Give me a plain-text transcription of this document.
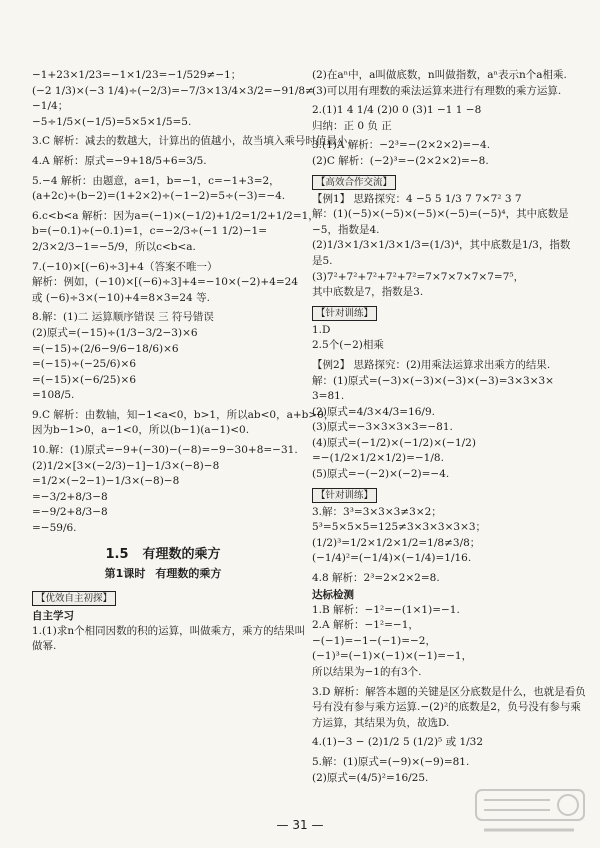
−1+23×1/23=−1×1/23=−1/529≠−1；
(−2 1/3)×(−3 1/4)÷(−2/3)=−7/3×13/4×3/2=−91/8≠
−1/4；
−5÷1/5×(−1/5)=5×5×1/5=5.
3.C 解析：减去的数越大，计算出的值越小，故当填入乘号时值最小.
4.A 解析：原式=−9+18/5+6=3/5.
5.−4 解析：由题意，a=1，b=−1，c=−1+3=2，
(a+2c)÷(b−2)=(1+2×2)÷(−1−2)=5÷(−3)=−4.
6.c<b<a 解析：因为a=(−1)×(−1/2)+1/2=1/2+1/2=1，
b=(−0.1)÷(−0.1)=1，c=−2/3÷(−1 1/2)−1=
2/3×2/3−1=−5/9，所以c<b<a.
7.(−10)×[(−6)÷3]+4（答案不唯一）
解析：例如，(−10)×[(−6)÷3]+4=−10×(−2)+4=24
或 (−6)÷3×(−10)+4=8×3=24 等.
8.解：(1)二 运算顺序错误 三 符号错误
(2)原式=(−15)÷(1/3−3/2−3)×6
=(−15)÷(2/6−9/6−18/6)×6
=(−15)÷(−25/6)×6
=(−15)×(−6/25)×6
=108/5.
9.C 解析：由数轴，知−1<a<0，b>1，所以ab<0，a+b>0，
因为b−1>0，a−1<0，所以(b−1)(a−1)<0.
10.解：(1)原式=−9+(−30)−(−8)=−9−30+8=−31.
(2)1/2×[3×(−2/3)−1]−1/3×(−8)−8
=1/2×(−2−1)−1/3×(−8)−8
=−3/2+8/3−8
=−9/2+8/3−8
=−59/6.
1.5 有理数的乘方
第1课时 有理数的乘方
【优效自主初探】
自主学习
1.(1)求n个相同因数的积的运算，叫做乘方，乘方的结果叫
做幂.
(2)在aⁿ中，a叫做底数，n叫做指数，aⁿ表示n个a相乘.
(3)可以用有理数的乘法运算来进行有理数的乘方运算.
2.(1)1 4 1/4 (2)0 0 (3)1 −1 1 −8
归纳：正 0 负 正
3.(1)A 解析：−2³=−(2×2×2)=−4.
(2)C 解析：(−2)³=−(2×2×2)=−8.
【高效合作交流】
【例1】 思路探究：4 −5 5 1/3 7 7×7² 3 7
解：(1)(−5)×(−5)×(−5)×(−5)=(−5)⁴，其中底数是
−5，指数是4.
(2)1/3×1/3×1/3×1/3=(1/3)⁴，其中底数是1/3，指数
是5.
(3)7²+7²+7²+7²+7²=7×7×7×7×7=7⁵，
其中底数是7，指数是3.
【针对训练】
1.D
2.5个(−2)相乘
【例2】 思路探究：(2)用乘法运算求出乘方的结果.
解：(1)原式=(−3)×(−3)×(−3)×(−3)=3×3×3×
3=81.
(2)原式=4/3×4/3=16/9.
(3)原式=−3×3×3×3=−81.
(4)原式=(−1/2)×(−1/2)×(−1/2)
=−(1/2×1/2×1/2)=−1/8.
(5)原式=−(−2)×(−2)=−4.
【针对训练】
3.解：3³=3×3×3≠3×2；
5³=5×5×5=125≠3×3×3×3×3；
(1/2)³=1/2×1/2×1/2=1/8≠3/8；
(−1/4)²=(−1/4)×(−1/4)=1/16.
4.8 解析：2³=2×2×2=8.
达标检测
1.B 解析：−1²=−(1×1)=−1.
2.A 解析：−1²=−1，
−(−1)=−1−(−1)=−2，
(−1)³=(−1)×(−1)×(−1)=−1，
所以结果为−1的有3个.
3.D 解析：解答本题的关键是区分底数是什么，也就是看负
号有没有参与乘方运算.−(2)²的底数是2，负号没有参与乘
方运算，其结果为负，故选D.
4.(1)−3 − (2)1/2 5 (1/2)⁵ 或 1/32
5.解：(1)原式=(−9)×(−9)=81.
(2)原式=(4/5)²=16/25.
— 31 —
